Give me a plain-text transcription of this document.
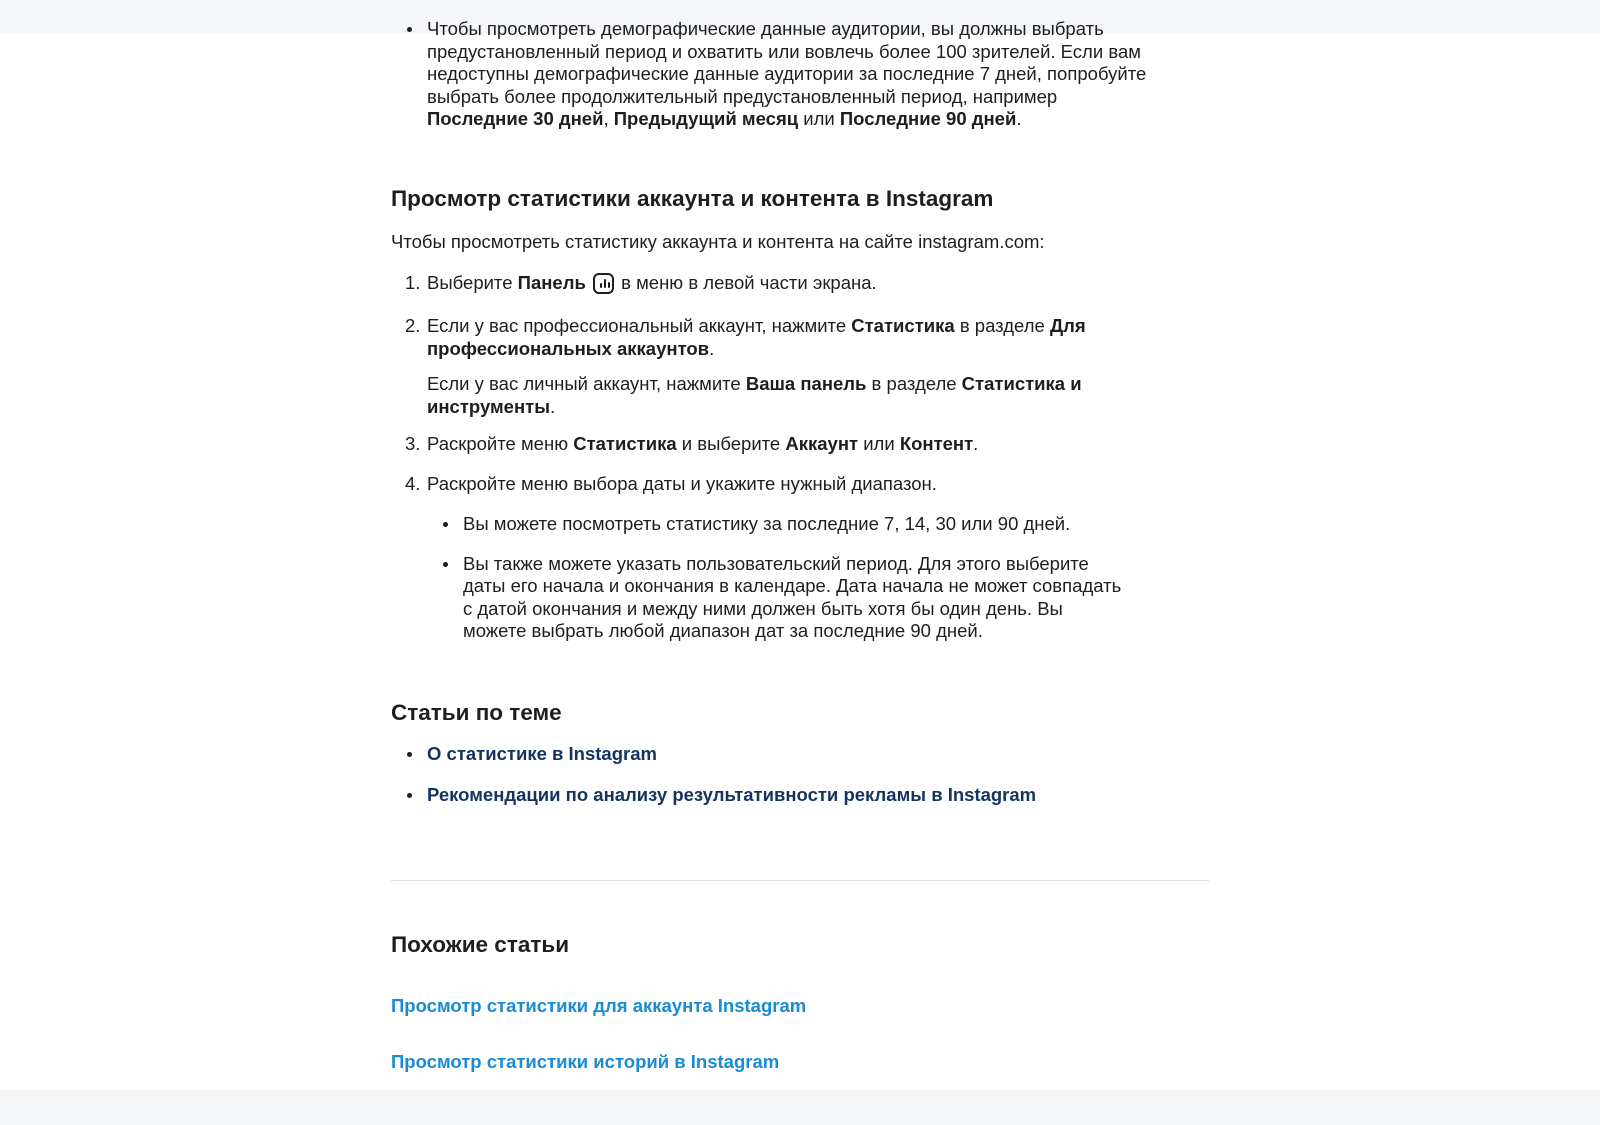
Чтобы просмотреть демографические данные аудитории, вы должны выбрать
предустановленный период и охватить или вовлечь более 100 зрителей. Если вам
недоступны демографические данные аудитории за последние 7 дней, попробуйте
выбрать более продолжительный предустановленный период, например
Последние 30 дней, Предыдущий месяц или Последние 90 дней.
Просмотр статистики аккаунта и контента в Instagram
Чтобы просмотреть статистику аккаунта и контента на сайте instagram.com:
1. Выберите Панель
в меню в левой части экрана.
2. Если у вас профессиональный аккаунт, нажмите Статистика в разделе Для профессиональных аккаунтов.
Если у вас личный аккаунт, нажмите Ваша панель в разделе Статистика и инструменты.
3. Раскройте меню Статистика и выберите Аккаунт или Контент.
4. Раскройте меню выбора даты и укажите нужный диапазон.
Вы можете посмотреть статистику за последние 7, 14, 30 или 90 дней.
Вы также можете указать пользовательский период. Для этого выберите
даты его начала и окончания в календаре. Дата начала не может совпадать
с датой окончания и между ними должен быть хотя бы один день. Вы
можете выбрать любой диапазон дат за последние 90 дней.
Статьи по теме
О статистике в Instagram
Рекомендации по анализу результативности рекламы в Instagram
Похожие статьи
Просмотр статистики для аккаунта Instagram
Просмотр статистики историй в Instagram
